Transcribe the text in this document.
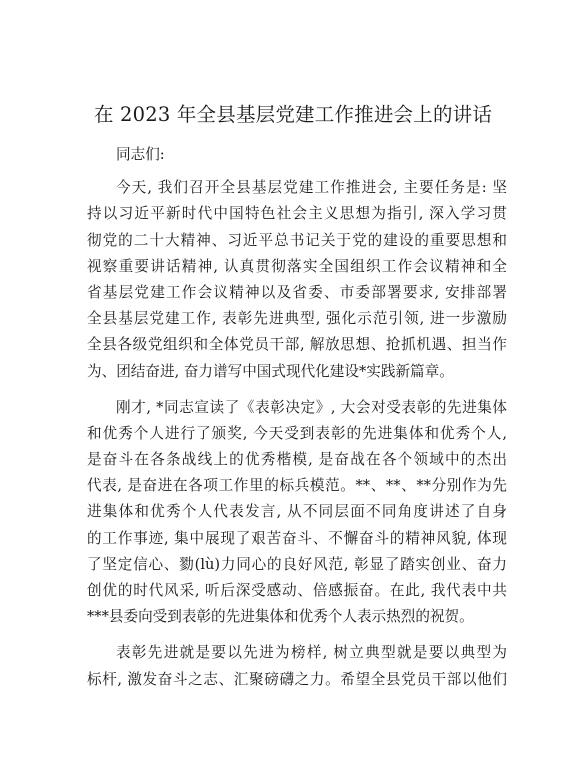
在 2023 年全县基层党建工作推进会上的讲话
同志们:
今天, 我们召开全县基层党建工作推进会, 主要任务是: 坚
持以习近平新时代中国特色社会主义思想为指引, 深入学习贯
彻党的二十大精神、习近平总书记关于党的建设的重要思想和
视察重要讲话精神, 认真贯彻落实全国组织工作会议精神和全
省基层党建工作会议精神以及省委、市委部署要求, 安排部署
全县基层党建工作, 表彰先进典型, 强化示范引领, 进一步激励
全县各级党组织和全体党员干部, 解放思想、抢抓机遇、担当作
为、团结奋进, 奋力谱写中国式现代化建设*实践新篇章。
刚才, *同志宣读了《表彰决定》, 大会对受表彰的先进集体
和优秀个人进行了颁奖, 今天受到表彰的先进集体和优秀个人,
是奋斗在各条战线上的优秀楷模, 是奋战在各个领域中的杰出
代表, 是奋进在各项工作里的标兵模范。**、**、**分别作为先
进集体和优秀个人代表发言, 从不同层面不同角度讲述了自身
的工作事迹, 集中展现了艰苦奋斗、不懈奋斗的精神风貌, 体现
了坚定信心、勠(lù)力同心的良好风范, 彰显了踏实创业、奋力
创优的时代风采, 听后深受感动、倍感振奋。在此, 我代表中共
***县委向受到表彰的先进集体和优秀个人表示热烈的祝贺。
表彰先进就是要以先进为榜样, 树立典型就是要以典型为
标杆, 激发奋斗之志、汇聚磅礴之力。希望全县党员干部以他们
